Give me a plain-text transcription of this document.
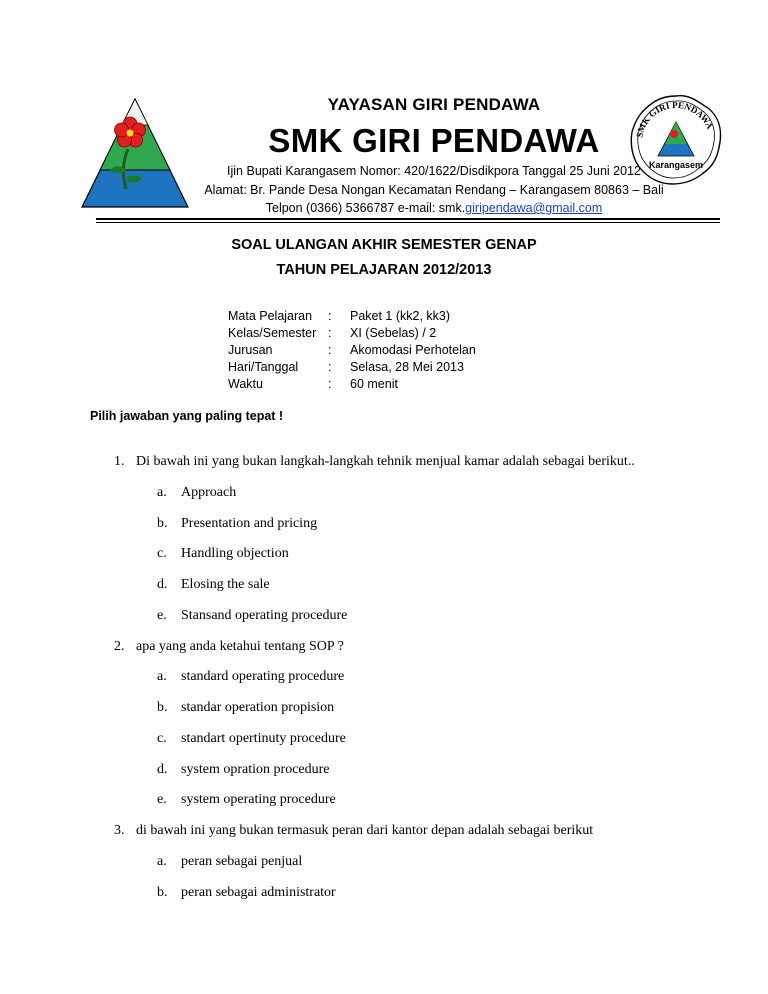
SMK GIRI PENDAWA
Karangasem
YAYASAN GIRI PENDAWA
SMK GIRI PENDAWA
Ijin Bupati Karangasem Nomor: 420/1622/Disdikpora Tanggal 25 Juni 2012
Alamat: Br. Pande Desa Nongan Kecamatan Rendang – Karangasem 80863 – Bali
Telpon (0366) 5366787 e-mail: smk.giripendawa@gmail.com
SOAL ULANGAN AKHIR SEMESTER GENAP
TAHUN PELAJARAN 2012/2013
Mata Pelajaran	:	Paket 1 (kk2, kk3)
Kelas/Semester :	XI (Sebelas) / 2
Jurusan	:	Akomodasi Perhotelan
Hari/Tanggal	:	Selasa, 28 Mei 2013
Waktu	:	60 menit
Pilih jawaban yang paling tepat !
1. Di bawah ini yang bukan langkah-langkah tehnik menjual kamar adalah sebagai berikut..
a. Approach
b. Presentation and pricing
c. Handling objection
d. Elosing the sale
e. Stansand operating procedure
2. apa yang anda ketahui tentang SOP ?
a. standard operating procedure
b. standar operation propision
c. standart opertinuty procedure
d. system opration procedure
e. system operating procedure
3. di bawah ini yang bukan termasuk peran dari kantor depan adalah sebagai berikut
a. peran sebagai penjual
b. peran sebagai administrator
